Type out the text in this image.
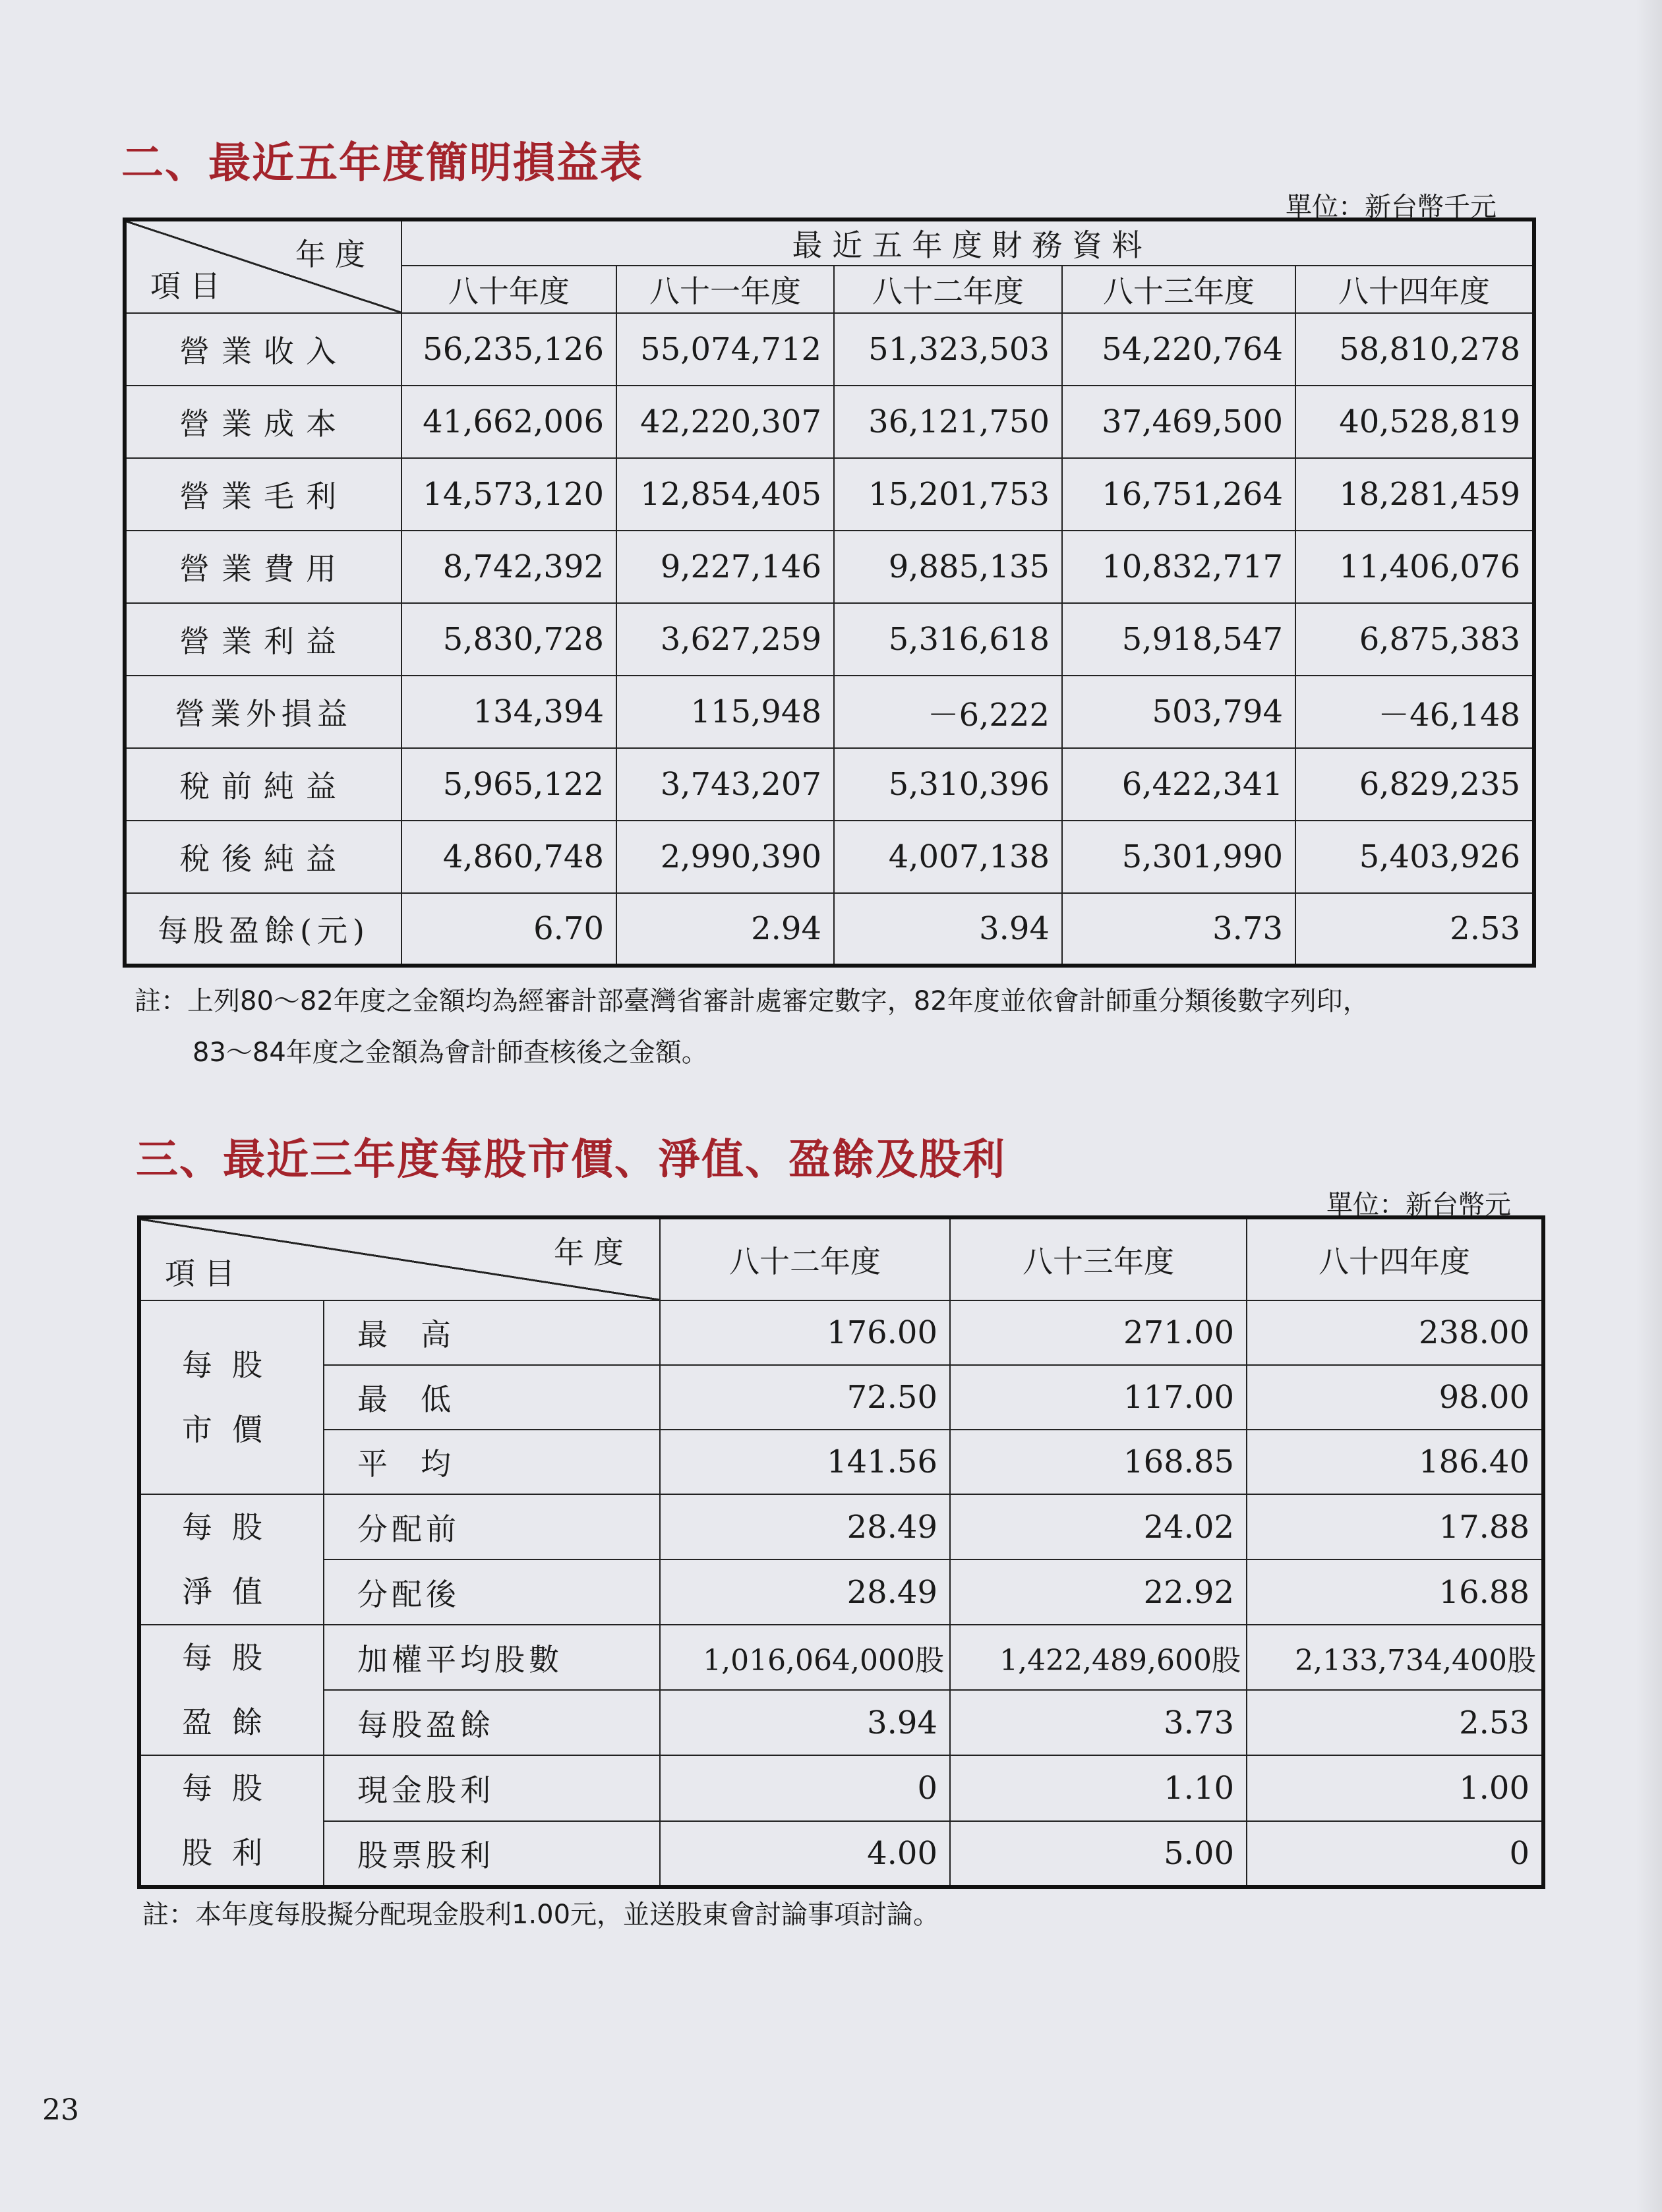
二、最近五年度簡明損益表
單位：新台幣千元
年度
項目	最 近 五 年 度 財 務 資 料				
	八十年度	八十一年度	八十二年度	八十三年度	八十四年度
營業收入	56,235,126	55,074,712	51,323,503	54,220,764	58,810,278
營業成本	41,662,006	42,220,307	36,121,750	37,469,500	40,528,819
營業毛利	14,573,120	12,854,405	15,201,753	16,751,264	18,281,459
營業費用	8,742,392	9,227,146	9,885,135	10,832,717	11,406,076
營業利益	5,830,728	3,627,259	5,316,618	5,918,547	6,875,383
營業外損益	134,394	115,948	－6,222	503,794	－46,148
稅前純益	5,965,122	3,743,207	5,310,396	6,422,341	6,829,235
稅後純益	4,860,748	2,990,390	4,007,138	5,301,990	5,403,926
每股盈餘(元)	6.70	2.94	3.94	3.73	2.53
註：上列80～82年度之金額均為經審計部臺灣省審計處審定數字，82年度並依會計師重分類後數字列印，
83～84年度之金額為會計師查核後之金額。
三、最近三年度每股市價、淨值、盈餘及股利
單位：新台幣元
年度
項目		八十二年度	八十三年度	八十四年度

每股
市價	最高	176.00	271.00	238.00
	最低	72.50	117.00	98.00
	平均	141.56	168.85	186.40

每股
淨值	分配前	28.49	24.02	17.88
	分配後	28.49	22.92	16.88

每股
盈餘	加權平均股數	1,016,064,000股	1,422,489,600股	2,133,734,400股
	每股盈餘	3.94	3.73	2.53

每股
股利	現金股利	0	1.10	1.00
	股票股利	4.00	5.00	0
註：本年度每股擬分配現金股利1.00元，並送股東會討論事項討論。
23
